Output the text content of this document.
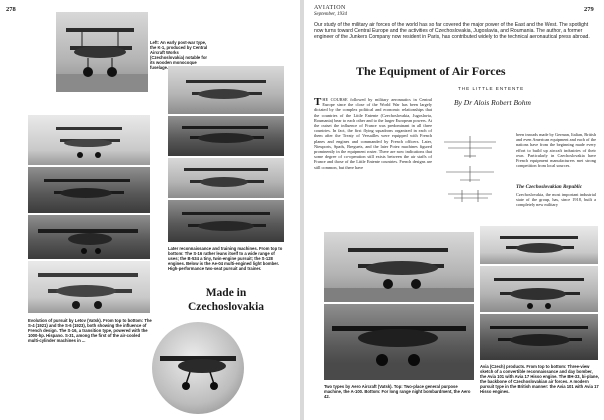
278
Left: An early post-war type, the K-1, produced by Central Aircraft Works (Czechoslovakia) notable for its wooden monocoque fuselage.
Evolution of pursuit by Letov (Vatsk). From top to bottom: The S-4 (1921) and the S-6 (1923), both showing the influence of French design. The S-16, a transition type, powered with the 1000-hp. Hispano. S-31, among the first of the air-cooled multi-cylinder machines in ...
Later reconnaissance and training machines. From top to bottom: The S-16 rather leans itself to a wide range of uses; the B-534 a tiny, twin-engine pursuit; the S-128 engines. Below is the Ae-04 multi-engined light bomber. High-performance two-seat pursuit and trainer.
Made in
Czechoslovakia
AVIATION
September, 1934
279
Our study of the military air forces of the world has so far covered the major power of the East and the West. The spotlight now turns toward Central Europe and the activities of Czechoslovakia, Jugoslavia, and Roumania. The author, a former engineer of the Junkers Company now resident in Paris, has contributed widely to the technical aeronautical press abroad.
The Equipment of Air Forces
THE LITTLE ENTENTE
By Dr Alois Robert Bohm
THE COURSE followed by military aeronautics in Central Europe since the close of the World War has been largely dictated by the complex political and economic relationships that the countries of the Little Entente (Czechoslovakia, Jugoslavia, Roumania) bear to each other and to the larger European powers. At the outset the influence of France was predominant in all three countries. In fact, the first flying squadrons organized in each of them after the Treaty of Versailles were equipped with French planes and engines and commanded by French officers. Later, Nieuports, Spads, Breguets, and the later Potez machines figured prominently in the equipment roster. There are now indications that some degree of co-operation still exists between the air staffs of France and those of the Little Entente countries. French designs are still common, but there have
been inroads made by German, Italian, British and even American equipment and each of the nations have from the beginning made every effort to build up aircraft industries of their own. Particularly in Czechoslovakia have French equipment manufacturers met strong competition from local sources.
The Czechoslovakian Republic
Czechoslovakia, the most important industrial state of the group, has, since 1918, built a completely new military
Two types by Aero Aircraft (Vatsk). Top: Two-place general purpose machine, the A-100. Bottom: For long range night bombardment, the Aero 42.
Avia (Czech) products. From top to bottom: Three-view sketch of a convertible reconnaissance and day bomber, the Avia 101 with Avia 17 Hisso engine. The BH-33, bi-plane, the backbone of Czechoslovakian air forces. A modern pursuit type in the British manner: the Avia 101 with Avia 17 Hisso engines.
